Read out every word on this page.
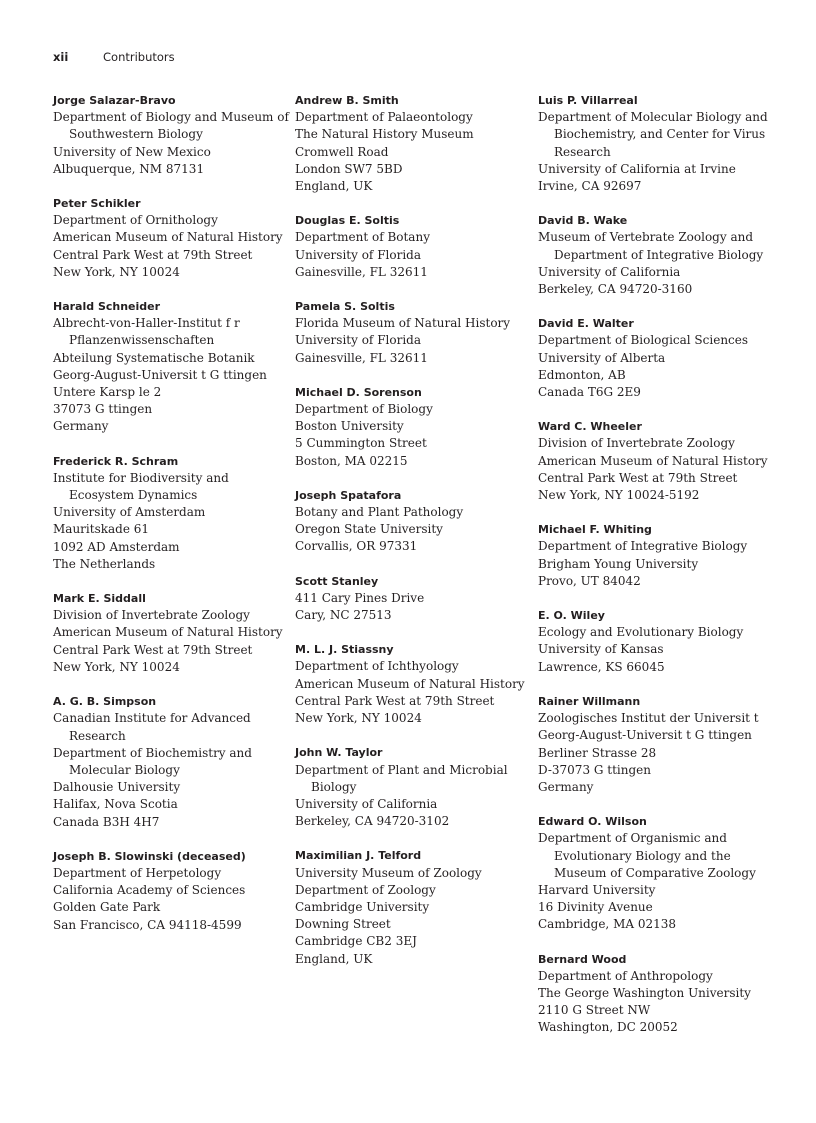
xii	Contributors
Jorge Salazar-Bravo
Department of Biology and Museum of Southwestern Biology
University of New Mexico
Albuquerque, NM 87131
Peter Schikler
Department of Ornithology
American Museum of Natural History
Central Park West at 79th Street
New York, NY 10024
Harald Schneider
Albrecht-von-Haller-Institut f r Pflanzenwissenschaften
Abteilung Systematische Botanik
Georg-August-Universit t G ttingen
Untere Karsp le 2
37073 G ttingen
Germany
Frederick R. Schram
Institute for Biodiversity and Ecosystem Dynamics
University of Amsterdam
Mauritskade 61
1092 AD Amsterdam
The Netherlands
Mark E. Siddall
Division of Invertebrate Zoology
American Museum of Natural History
Central Park West at 79th Street
New York, NY 10024
A. G. B. Simpson
Canadian Institute for Advanced Research
Department of Biochemistry and Molecular Biology
Dalhousie University
Halifax, Nova Scotia
Canada B3H 4H7
Joseph B. Slowinski (deceased)
Department of Herpetology
California Academy of Sciences
Golden Gate Park
San Francisco, CA 94118-4599
Andrew B. Smith
Department of Palaeontology
The Natural History Museum
Cromwell Road
London SW7 5BD
England, UK
Douglas E. Soltis
Department of Botany
University of Florida
Gainesville, FL 32611
Pamela S. Soltis
Florida Museum of Natural History
University of Florida
Gainesville, FL 32611
Michael D. Sorenson
Department of Biology
Boston University
5 Cummington Street
Boston, MA 02215
Joseph Spatafora
Botany and Plant Pathology
Oregon State University
Corvallis, OR 97331
Scott Stanley
411 Cary Pines Drive
Cary, NC 27513
M. L. J. Stiassny
Department of Ichthyology
American Museum of Natural History
Central Park West at 79th Street
New York, NY 10024
John W. Taylor
Department of Plant and Microbial Biology
University of California
Berkeley, CA 94720-3102
Maximilian J. Telford
University Museum of Zoology
Department of Zoology
Cambridge University
Downing Street
Cambridge CB2 3EJ
England, UK
Luis P. Villarreal
Department of Molecular Biology and Biochemistry, and Center for Virus Research
University of California at Irvine
Irvine, CA 92697
David B. Wake
Museum of Vertebrate Zoology and Department of Integrative Biology
University of California
Berkeley, CA 94720-3160
David E. Walter
Department of Biological Sciences
University of Alberta
Edmonton, AB
Canada T6G 2E9
Ward C. Wheeler
Division of Invertebrate Zoology
American Museum of Natural History
Central Park West at 79th Street
New York, NY 10024-5192
Michael F. Whiting
Department of Integrative Biology
Brigham Young University
Provo, UT 84042
E. O. Wiley
Ecology and Evolutionary Biology
University of Kansas
Lawrence, KS 66045
Rainer Willmann
Zoologisches Institut der Universit t
Georg-August-Universit t G ttingen
Berliner Strasse 28
D-37073 G ttingen
Germany
Edward O. Wilson
Department of Organismic and Evolutionary Biology and the Museum of Comparative Zoology
Harvard University
16 Divinity Avenue
Cambridge, MA 02138
Bernard Wood
Department of Anthropology
The George Washington University
2110 G Street NW
Washington, DC 20052
